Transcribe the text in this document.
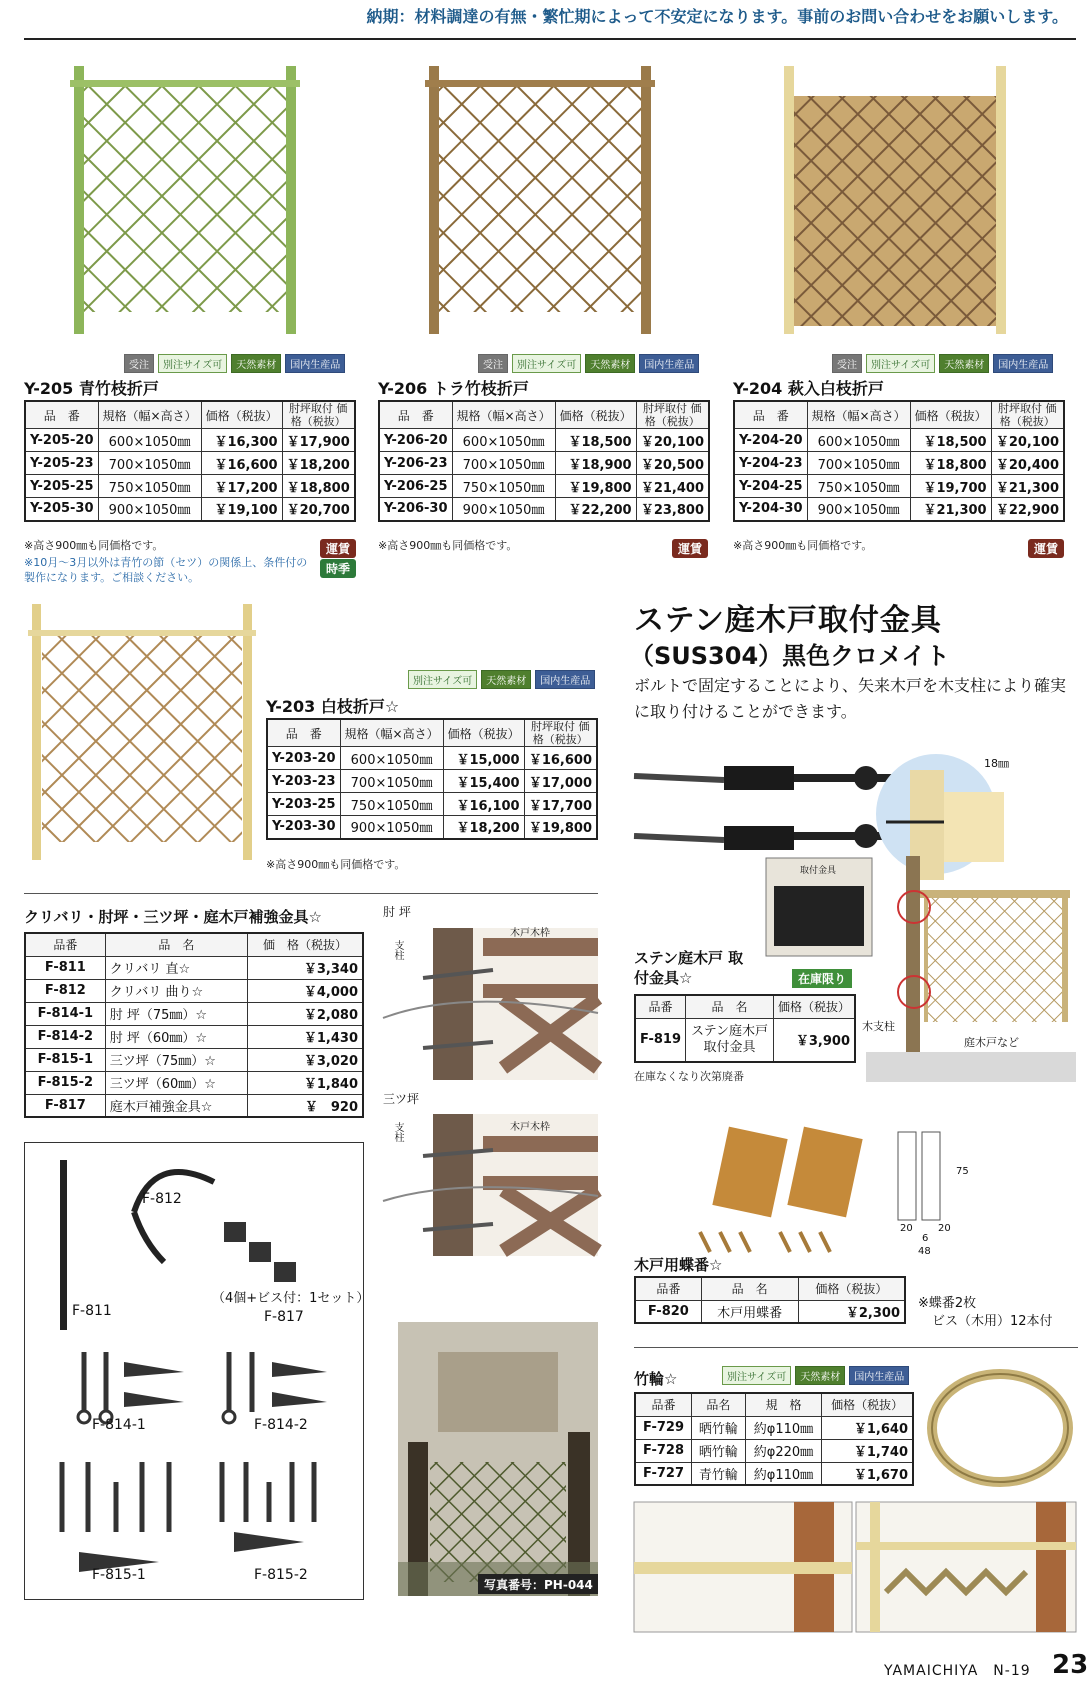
納期：材料調達の有無・繁忙期によって不安定になります。事前のお問い合わせをお願いします。
受注	別注サイズ可	天然素材	国内生産品	受注	別注サイズ可	天然素材	国内生産品	受注	別注サイズ可	天然素材	国内生産品
Y-205 青竹枝折戸
品　番	規格（幅×高さ）	価格（税抜）	肘坪取付 価格（税抜）
Y-205-20	600×1050㎜	￥16,300	￥17,900
Y-205-23	700×1050㎜	￥16,600	￥18,200
Y-205-25	750×1050㎜	￥17,200	￥18,800
Y-205-30	900×1050㎜	￥19,100	￥20,700
※高さ900㎜も同価格です。
※10月～3月以外は青竹の節（セツ）の関係上、条件付の製作になります。ご相談ください。
運賃
時季
Y-206 トラ竹枝折戸
品　番	規格（幅×高さ）	価格（税抜）	肘坪取付 価格（税抜）
Y-206-20	600×1050㎜	￥18,500	￥20,100
Y-206-23	700×1050㎜	￥18,900	￥20,500
Y-206-25	750×1050㎜	￥19,800	￥21,400
Y-206-30	900×1050㎜	￥22,200	￥23,800
※高さ900㎜も同価格です。	運賃
Y-204 萩入白枝折戸
品　番	規格（幅×高さ）	価格（税抜）	肘坪取付 価格（税抜）
Y-204-20	600×1050㎜	￥18,500	￥20,100
Y-204-23	700×1050㎜	￥18,800	￥20,400
Y-204-25	750×1050㎜	￥19,700	￥21,300
Y-204-30	900×1050㎜	￥21,300	￥22,900
※高さ900㎜も同価格です。	運賃
別注サイズ可	天然素材	国内生産品
Y-203 白枝折戸☆
品　番	規格（幅×高さ）	価格（税抜）	肘坪取付 価格（税抜）
Y-203-20	600×1050㎜	￥15,000	￥16,600
Y-203-23	700×1050㎜	￥15,400	￥17,000
Y-203-25	750×1050㎜	￥16,100	￥17,700
Y-203-30	900×1050㎜	￥18,200	￥19,800
※高さ900㎜も同価格です。
クリバリ・肘坪・三ツ坪・庭木戸補強金具☆
品番	品　名	価　格（税抜）
F-811	クリバリ 直☆	￥3,340
F-812	クリバリ 曲り☆	￥4,000
F-814-1	肘 坪（75㎜）☆	￥2,080
F-814-2	肘 坪（60㎜）☆	￥1,430
F-815-1	三ツ坪（75㎜）☆	￥3,020
F-815-2	三ツ坪（60㎜）☆	￥1,840
F-817	庭木戸補強金具☆	￥　920
肘 坪
支柱
木戸木枠
三ツ坪
支柱	木戸木枠
F-812
F-811
（4個+ビス付：1セット）
F-817
F-814-1	F-814-2
F-815-1	F-815-2
写真番号：PH-044
ステン庭木戸取付金具
（SUS304）黒色クロメイト
ボルトで固定することにより、矢来木戸を木支柱により確実に取り付けることができます。
取付金具
18㎜
木支柱
庭木戸など
ステン庭木戸 取付金具☆	在庫限り
品番	品　名	価格（税抜）
F-819	ステン庭木戸 取付金具	￥3,900
在庫なくなり次第廃番
75
20
6
20
48
木戸用蝶番☆
品番	品　名	価格（税抜）
F-820	木戸用蝶番	￥2,300
※蝶番2枚
ビス（木用）12本付
竹輪☆	別注サイズ可	天然素材	国内生産品
品番	品名	規　格	価格（税抜）
F-729	晒竹輪	約φ110㎜	￥1,640
F-728	晒竹輪	約φ220㎜	￥1,740
F-727	青竹輪	約φ110㎜	￥1,670
YAMAICHIYA　N-19 23
